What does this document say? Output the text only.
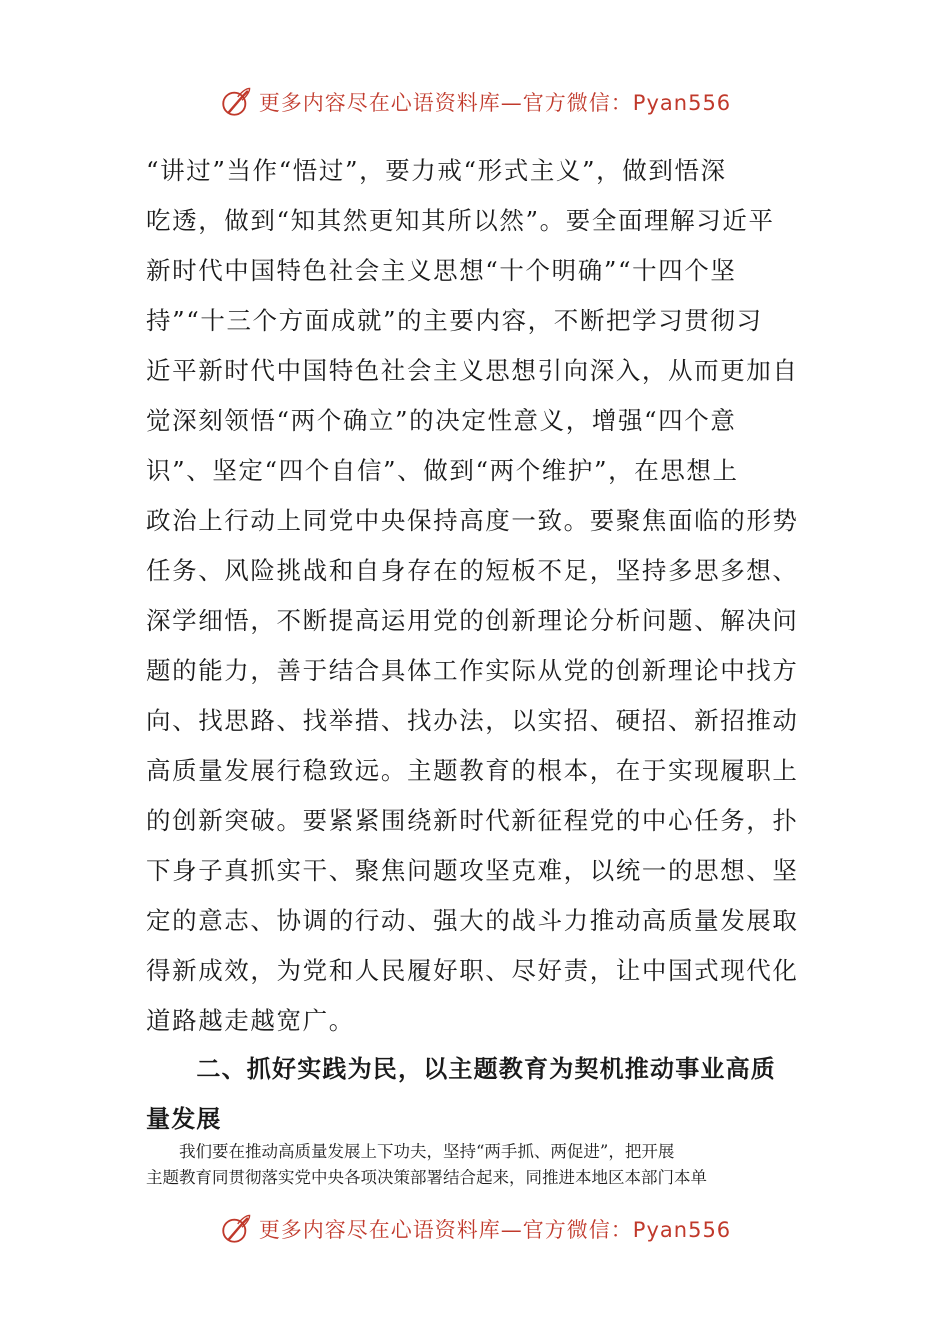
更多内容尽在心语资料库—官方微信：Pyan556
“讲过”当作“悟过”，要力戒“形式主义”，做到悟深
吃透，做到“知其然更知其所以然”。要全面理解习近平
新时代中国特色社会主义思想“十个明确”“十四个坚
持”“十三个方面成就”的主要内容，不断把学习贯彻习
近平新时代中国特色社会主义思想引向深入，从而更加自
觉深刻领悟“两个确立”的决定性意义，增强“四个意
识”、坚定“四个自信”、做到“两个维护”，在思想上
政治上行动上同党中央保持高度一致。要聚焦面临的形势
任务、风险挑战和自身存在的短板不足，坚持多思多想、
深学细悟，不断提高运用党的创新理论分析问题、解决问
题的能力，善于结合具体工作实际从党的创新理论中找方
向、找思路、找举措、找办法，以实招、硬招、新招推动
高质量发展行稳致远。主题教育的根本，在于实现履职上
的创新突破。要紧紧围绕新时代新征程党的中心任务，扑
下身子真抓实干、聚焦问题攻坚克难，以统一的思想、坚
定的意志、协调的行动、强大的战斗力推动高质量发展取
得新成效，为党和人民履好职、尽好责，让中国式现代化
道路越走越宽广。
　　二、抓好实践为民，以主题教育为契机推动事业高质
量发展
　　我们要在推动高质量发展上下功夫，坚持“两手抓、两促进”，把开展
主题教育同贯彻落实党中央各项决策部署结合起来，同推进本地区本部门本单
更多内容尽在心语资料库—官方微信：Pyan556
